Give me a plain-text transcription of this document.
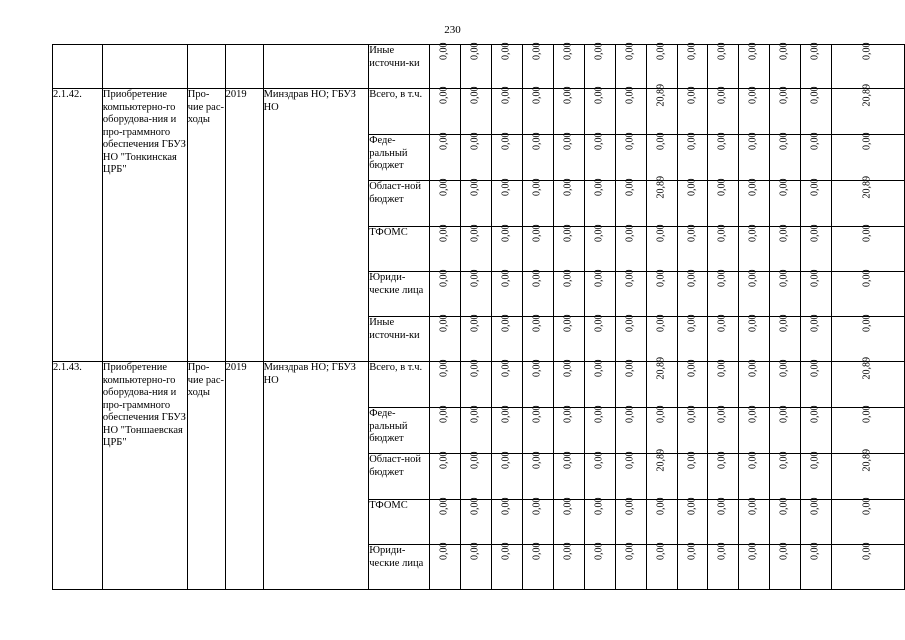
230
					Иные источни-ки	0,00	0,00	0,00	0,00	0,00	0,00	0,00	0,00	0,00	0,00	0,00	0,00	0,00	0,00

2.1.42.	Приобретение компьютерно-го оборудова-ния и про-граммного обеспечения ГБУЗ НО "Тонкинская ЦРБ"	Про-чие рас-ходы	2019	Минздрав НО; ГБУЗ НО	Всего, в т.ч.	0,00	0,00	0,00	0,00	0,00	0,00	0,00	20,89	0,00	0,00	0,00	0,00	0,00	20,89

					Феде-ральный бюджет	0,00	0,00	0,00	0,00	0,00	0,00	0,00	0,00	0,00	0,00	0,00	0,00	0,00	0,00

					Област-ной бюджет	0,00	0,00	0,00	0,00	0,00	0,00	0,00	20,89	0,00	0,00	0,00	0,00	0,00	20,89

					ТФОМС	0,00	0,00	0,00	0,00	0,00	0,00	0,00	0,00	0,00	0,00	0,00	0,00	0,00	0,00

					Юриди-ческие лица	0,00	0,00	0,00	0,00	0,00	0,00	0,00	0,00	0,00	0,00	0,00	0,00	0,00	0,00

					Иные источни-ки	0,00	0,00	0,00	0,00	0,00	0,00	0,00	0,00	0,00	0,00	0,00	0,00	0,00	0,00

2.1.43.	Приобретение компьютерно-го оборудова-ния и про-граммного обеспечения ГБУЗ НО "Тоншаевская ЦРБ"	Про-чие рас-ходы	2019	Минздрав НО; ГБУЗ НО	Всего, в т.ч.	0,00	0,00	0,00	0,00	0,00	0,00	0,00	20,89	0,00	0,00	0,00	0,00	0,00	20,89

					Феде-ральный бюджет	0,00	0,00	0,00	0,00	0,00	0,00	0,00	0,00	0,00	0,00	0,00	0,00	0,00	0,00

					Област-ной бюджет	0,00	0,00	0,00	0,00	0,00	0,00	0,00	20,89	0,00	0,00	0,00	0,00	0,00	20,89

					ТФОМС	0,00	0,00	0,00	0,00	0,00	0,00	0,00	0,00	0,00	0,00	0,00	0,00	0,00	0,00

					Юриди-ческие лица	0,00	0,00	0,00	0,00	0,00	0,00	0,00	0,00	0,00	0,00	0,00	0,00	0,00	0,00
